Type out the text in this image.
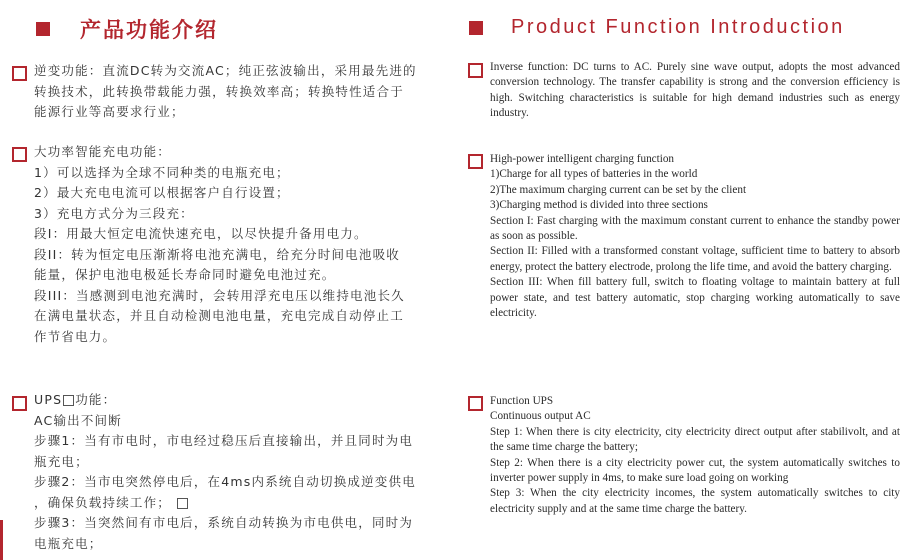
产品功能介绍
逆变功能：直流DC转为交流AC；纯正弦波输出，采用最先进的
转换技术，此转换带载能力强，转换效率高；转换特性适合于
能源行业等高要求行业；
大功率智能充电功能：
1）可以选择为全球不同种类的电瓶充电；
2）最大充电电流可以根据客户自行设置；
3）充电方式分为三段充：
段I：用最大恒定电流快速充电，以尽快提升备用电力。
段II：转为恒定电压渐渐将电池充满电，给充分时间电池吸收
能量，保护电池电极延长寿命同时避免电池过充。
段III：当感测到电池充满时，会转用浮充电压以维持电池长久
在满电量状态，并且自动检测电池电量，充电完成自动停止工
作节省电力。
UPS 功能：
AC输出不间断
步骤1：当有市电时，市电经过稳压后直接输出，并且同时为电
瓶充电；
步骤2：当市电突然停电后，在4ms内系统自动切换成逆变供电
，确保负载持续工作；
步骤3：当突然间有市电后，系统自动转换为市电供电，同时为
电瓶充电；
Product Function Introduction
Inverse function: DC turns to AC. Purely sine wave output, adopts the most advanced conversion technology. The transfer capability is strong and the conversion efficiency is high. Switching characteristics is suitable for high demand industries such as energy industry.
High-power intelligent charging function
1)Charge for all types of batteries in the world
2)The maximum charging current can be set by the client
3)Charging method is divided into three sections
Section I: Fast charging with the maximum constant current to enhance the standby power as soon as possible.
Section II: Filled with a transformed constant voltage, sufficient time to battery to absorb energy, protect the battery electrode, prolong the life time, and avoid the battery charging.
Section III: When fill battery full, switch to floating voltage to maintain battery at full power state, and test battery automatic, stop charging working automatically to save electricity.
Function UPS
Continuous output AC
Step 1: When there is city electricity, city electricity direct output after stabilivolt, and at the same time charge the battery;
Step 2: When there is a city electricity power cut, the system automatically switches to inverter power supply in 4ms, to make sure load going on working
Step 3: When the city electricity incomes, the system automatically switches to city electricity supply and at the same time charge the battery.
